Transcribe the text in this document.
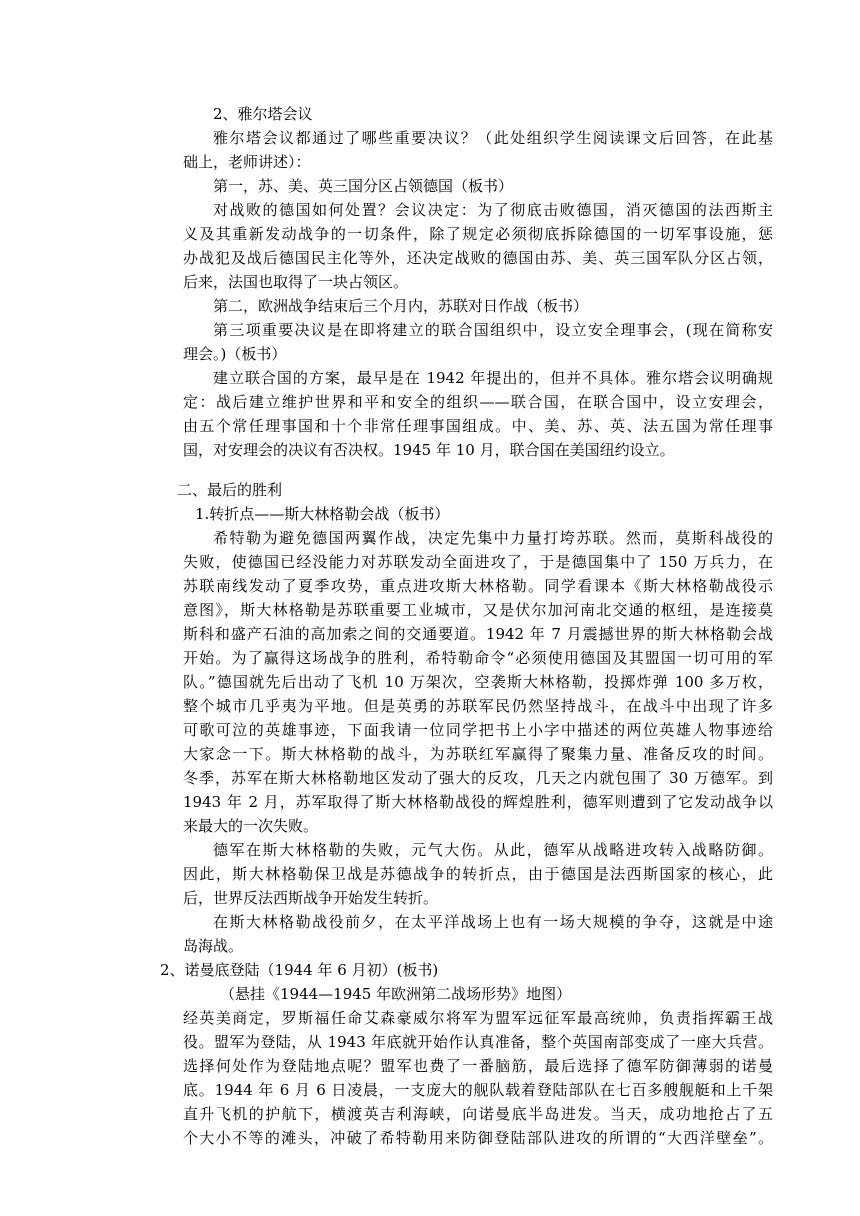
2、雅尔塔会议
雅尔塔会议都通过了哪些重要决议？（此处组织学生阅读课文后回答，在此基
础上，老师讲述）：
第一，苏、美、英三国分区占领德国（板书）
对战败的德国如何处置？会议决定：为了彻底击败德国，消灭德国的法西斯主
义及其重新发动战争的一切条件，除了规定必须彻底拆除德国的一切军事设施，惩
办战犯及战后德国民主化等外，还决定战败的德国由苏、美、英三国军队分区占领，
后来，法国也取得了一块占领区。
第二，欧洲战争结束后三个月内，苏联对日作战（板书）
第三项重要决议是在即将建立的联合国组织中，设立安全理事会，(现在简称安
理会。)（板书）
建立联合国的方案，最早是在 1942 年提出的，但并不具体。雅尔塔会议明确规
定：战后建立维护世界和平和安全的组织——联合国，在联合国中，设立安理会，
由五个常任理事国和十个非常任理事国组成。中、美、苏、英、法五国为常任理事
国，对安理会的决议有否决权。1945 年 10 月，联合国在美国纽约设立。
二、最后的胜利
1.转折点——斯大林格勒会战（板书）
希特勒为避免德国两翼作战，决定先集中力量打垮苏联。然而，莫斯科战役的
失败，使德国已经没能力对苏联发动全面进攻了，于是德国集中了 150 万兵力，在
苏联南线发动了夏季攻势，重点进攻斯大林格勒。同学看课本《斯大林格勒战役示
意图》，斯大林格勒是苏联重要工业城市，又是伏尔加河南北交通的枢纽，是连接莫
斯科和盛产石油的高加索之间的交通要道。1942 年 7 月震撼世界的斯大林格勒会战
开始。为了赢得这场战争的胜利，希特勒命令“必须使用德国及其盟国一切可用的军
队。”德国就先后出动了飞机 10 万架次，空袭斯大林格勒，投掷炸弹 100 多万枚，
整个城市几乎夷为平地。但是英勇的苏联军民仍然坚持战斗，在战斗中出现了许多
可歌可泣的英雄事迹，下面我请一位同学把书上小字中描述的两位英雄人物事迹给
大家念一下。斯大林格勒的战斗，为苏联红军赢得了聚集力量、准备反攻的时间。
冬季，苏军在斯大林格勒地区发动了强大的反攻，几天之内就包围了 30 万德军。到
1943 年 2 月，苏军取得了斯大林格勒战役的辉煌胜利，德军则遭到了它发动战争以
来最大的一次失败。
德军在斯大林格勒的失败，元气大伤。从此，德军从战略进攻转入战略防御。
因此，斯大林格勒保卫战是苏德战争的转折点，由于德国是法西斯国家的核心，此
后，世界反法西斯战争开始发生转折。
在斯大林格勒战役前夕，在太平洋战场上也有一场大规模的争夺，这就是中途
岛海战。
2、诺曼底登陆（1944 年 6 月初）(板书)
（悬挂《1944—1945 年欧洲第二战场形势》地图）
经英美商定，罗斯福任命艾森豪威尔将军为盟军远征军最高统帅，负责指挥霸王战
役。盟军为登陆，从 1943 年底就开始作认真准备，整个英国南部变成了一座大兵营。
选择何处作为登陆地点呢？盟军也费了一番脑筋，最后选择了德军防御薄弱的诺曼
底。1944 年 6 月 6 日凌晨，一支庞大的舰队载着登陆部队在七百多艘舰艇和上千架
直升飞机的护航下，横渡英吉利海峡，向诺曼底半岛进发。当天，成功地抢占了五
个大小不等的滩头，冲破了希特勒用来防御登陆部队进攻的所谓的“大西洋壁垒”。
